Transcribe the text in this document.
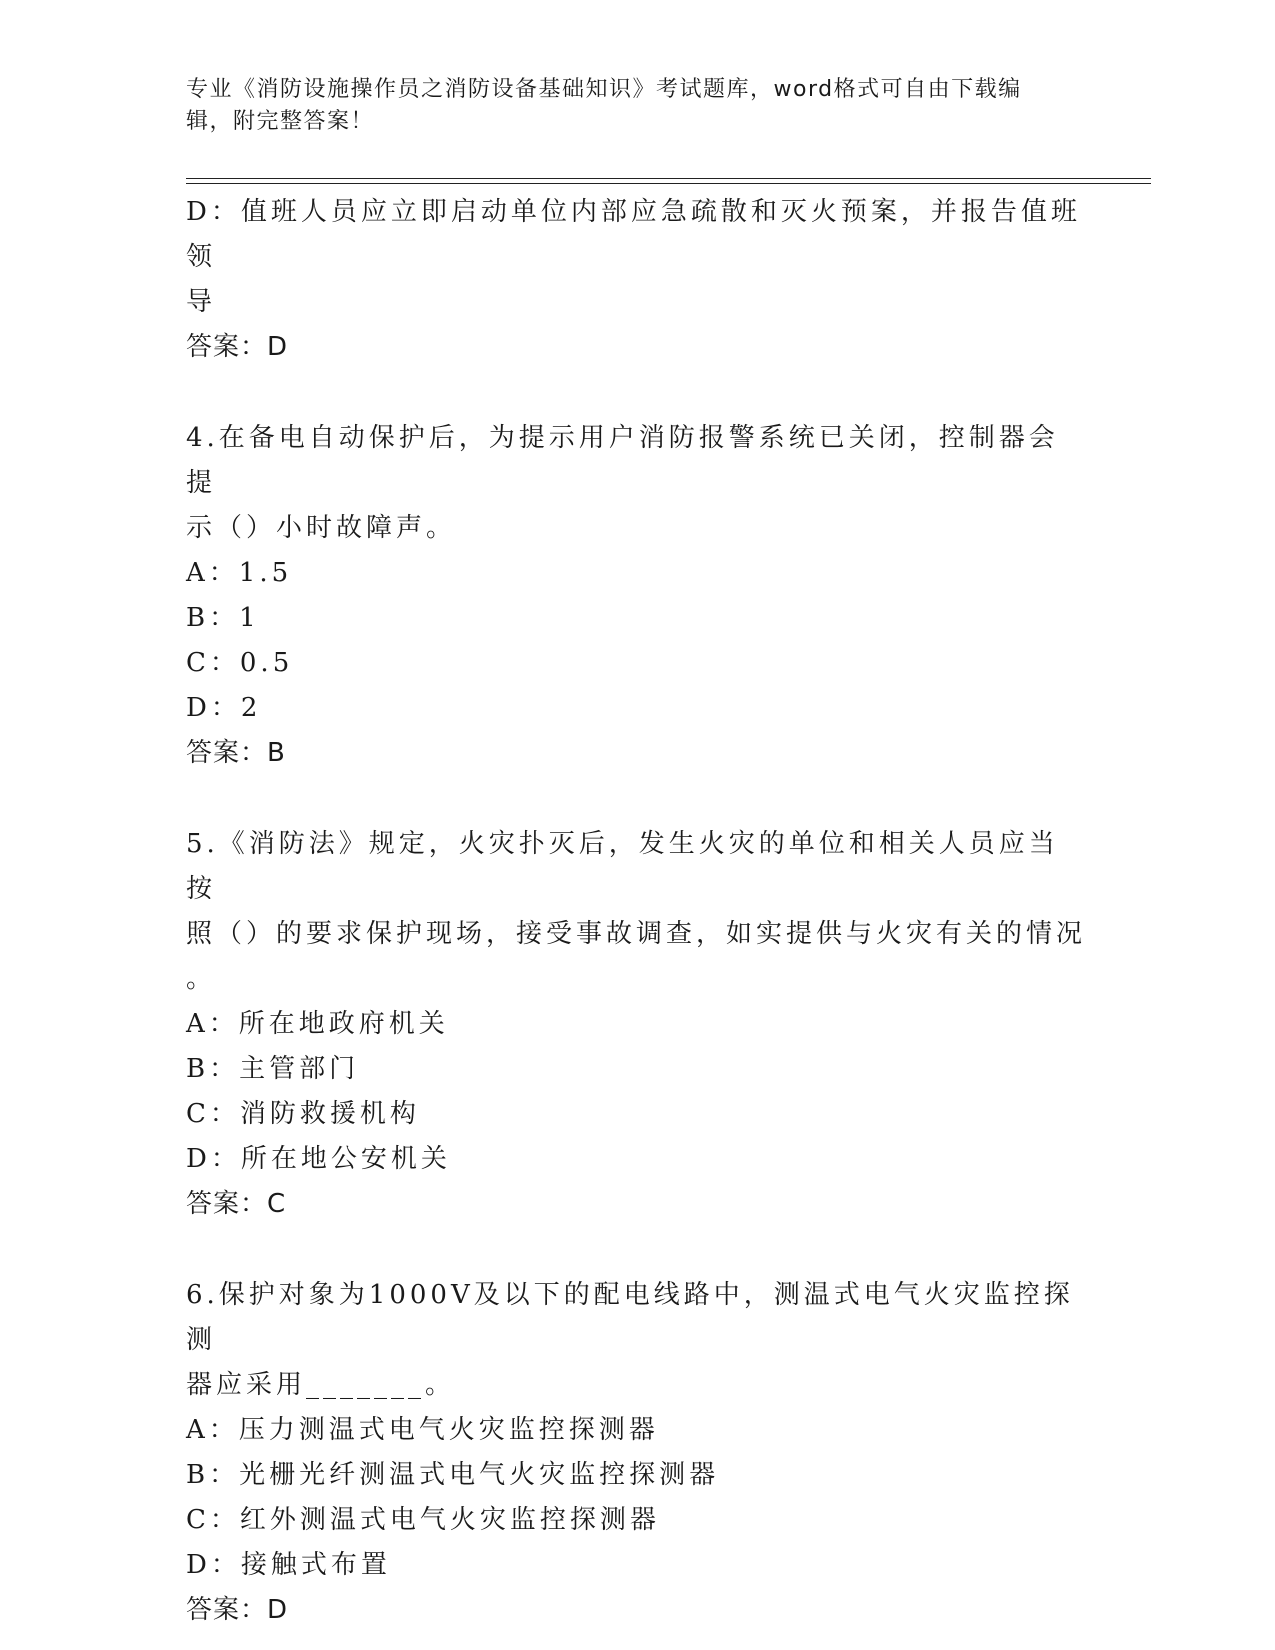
专业《消防设施操作员之消防设备基础知识》考试题库，word格式可自由下载编
辑，附完整答案！

D：值班人员应立即启动单位内部应急疏散和灭火预案，并报告值班领

导

答案：D

4.在备电自动保护后，为提示用户消防报警系统已关闭，控制器会提

示（）小时故障声。

A：1.5

B：1

C：0.5

D：2

答案：B

5.《消防法》规定，火灾扑灭后，发生火灾的单位和相关人员应当按

照（）的要求保护现场，接受事故调查，如实提供与火灾有关的情况

。

A：所在地政府机关

B：主管部门

C：消防救援机构

D：所在地公安机关

答案：C

6.保护对象为1000V及以下的配电线路中，测温式电气火灾监控探测

器应采用_______。

A：压力测温式电气火灾监控探测器

B：光栅光纤测温式电气火灾监控探测器

C：红外测温式电气火灾监控探测器

D：接触式布置

答案：D
